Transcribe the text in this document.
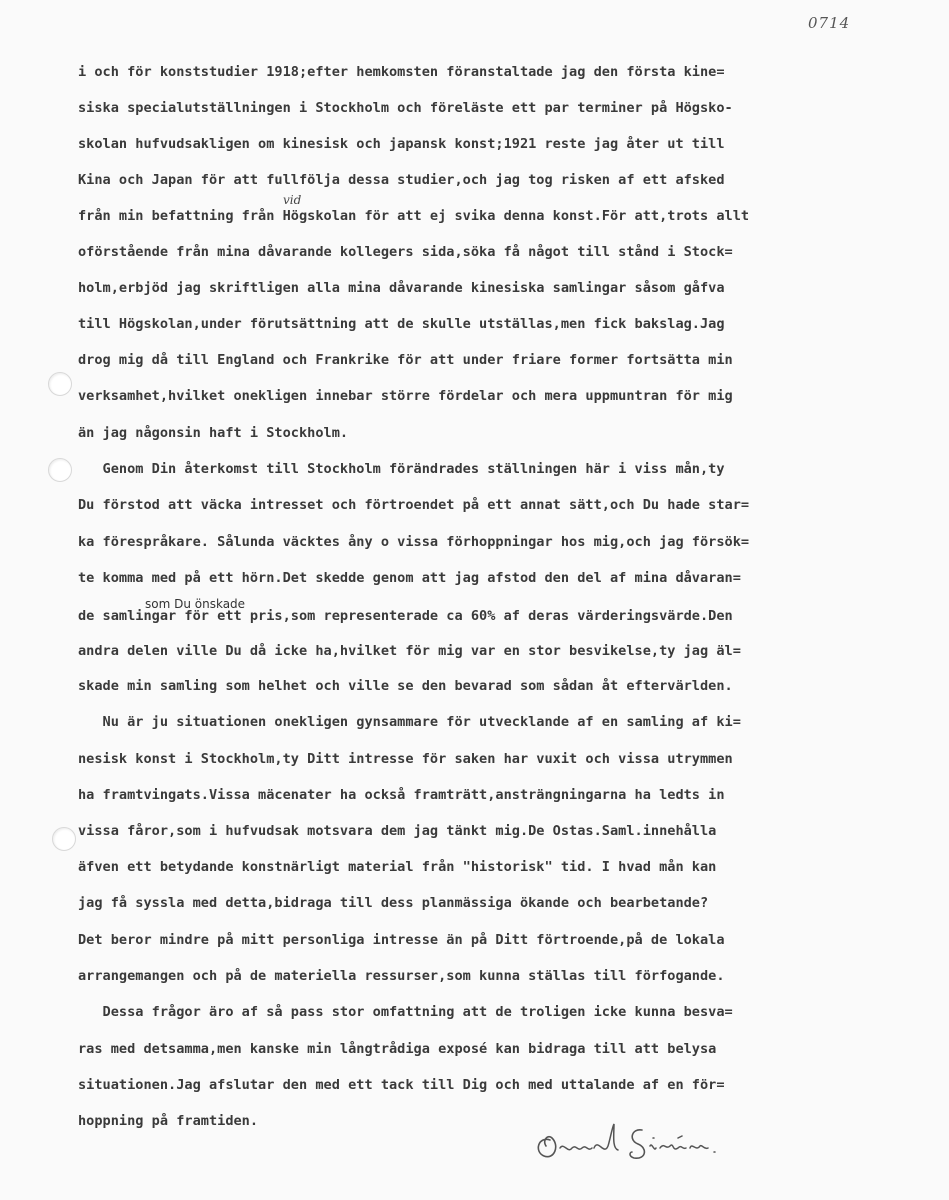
0714
vid
som Du önskade
i och för konststudier 1918;efter hemkomsten föranstaltade jag den första kine=
siska specialutställningen i Stockholm och föreläste ett par terminer på Högsko-
skolan hufvudsakligen om kinesisk och japansk konst;1921 reste jag åter ut till
Kina och Japan för att fullfölja dessa studier,och jag tog risken af ett afsked
från min befattning från Högskolan för att ej svika denna konst.För att,trots allt
oförstående från mina dåvarande kollegers sida,söka få något till stånd i Stock=
holm,erbjöd jag skriftligen alla mina dåvarande kinesiska samlingar såsom gåfva
till Högskolan,under förutsättning att de skulle utställas,men fick bakslag.Jag
drog mig då till England och Frankrike för att under friare former fortsätta min
verksamhet,hvilket onekligen innebar större fördelar och mera uppmuntran för mig
än jag någonsin haft i Stockholm.
Genom Din återkomst till Stockholm förändrades ställningen här i viss mån,ty
Du förstod att väcka intresset och förtroendet på ett annat sätt,och Du hade star=
ka förespråkare. Sålunda väcktes åny o vissa förhoppningar hos mig,och jag försök=
te komma med på ett hörn.Det skedde genom att jag afstod den del af mina dåvaran=
de samlingar för ett pris,som representerade ca 60% af deras värderingsvärde.Den
andra delen ville Du då icke ha,hvilket för mig var en stor besvikelse,ty jag äl=
skade min samling som helhet och ville se den bevarad som sådan åt eftervärlden.
Nu är ju situationen onekligen gynsammare för utvecklande af en samling af ki=
nesisk konst i Stockholm,ty Ditt intresse för saken har vuxit och vissa utrymmen
ha framtvingats.Vissa mäcenater ha också framträtt,ansträngningarna ha ledts in
vissa fåror,som i hufvudsak motsvara dem jag tänkt mig.De Ostas.Saml.innehålla
äfven ett betydande konstnärligt material från "historisk" tid. I hvad mån kan
jag få syssla med detta,bidraga till dess planmässiga ökande och bearbetande?
Det beror mindre på mitt personliga intresse än på Ditt förtroende,på de lokala
arrangemangen och på de materiella ressurser,som kunna ställas till förfogande.
Dessa frågor äro af så pass stor omfattning att de troligen icke kunna besva=
ras med detsamma,men kanske min långtrådiga exposé kan bidraga till att belysa
situationen.Jag afslutar den med ett tack till Dig och med uttalande af en för=
hoppning på framtiden.
